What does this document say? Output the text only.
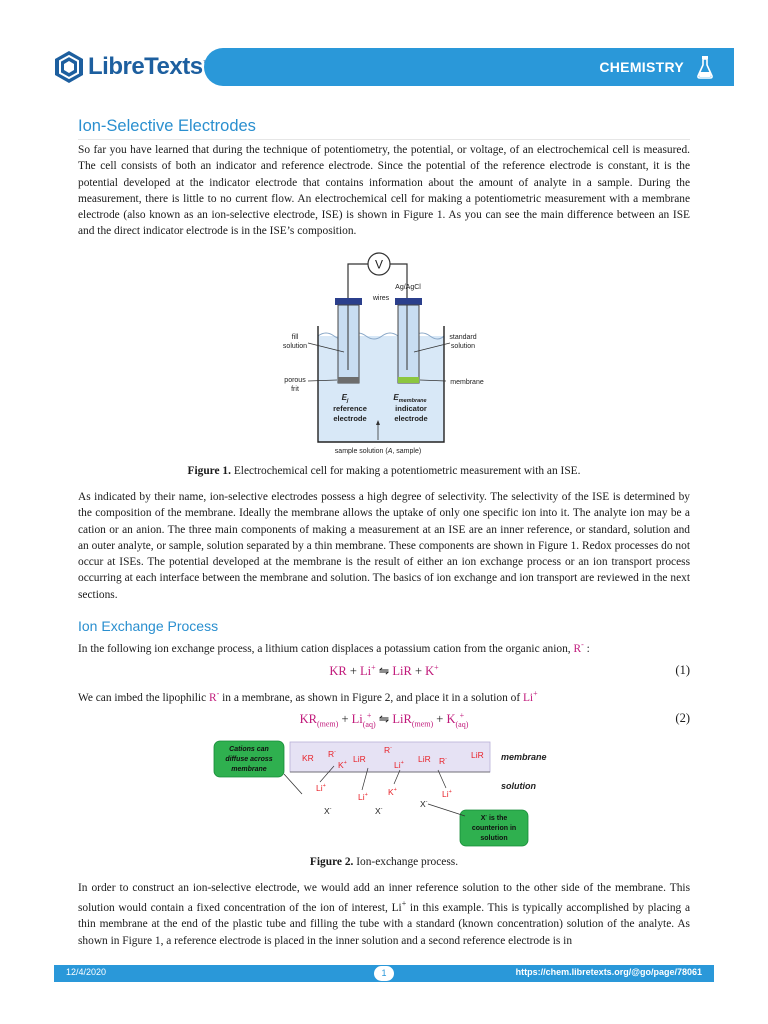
LibreTexts	CHEMISTRY
Ion-Selective Electrodes

So far you have learned that during the technique of potentiometry, the potential, or voltage, of an electrochemical cell is measured. The cell consists of both an indicator and reference electrode. Since the potential of the reference electrode is constant, it is the potential developed at the indicator electrode that contains information about the amount of analyte in a sample. During the measurement, there is little to no current flow. An electrochemical cell for making a potentiometric measurement with a membrane electrode (also known as an ion-selective electrode, ISE) is shown in Figure 1. As you can see the main difference between an ISE and the direct indicator electrode is in the ISE’s composition.

V
Ag/AgCl
wires
fill
solution
standard
solution
porous
frit
membrane
$E_j$
reference
electrode
$E_{membrane}$
indicator
electrode
sample solution (A, sample)
Figure 1. Electrochemical cell for making a potentiometric measurement with an ISE.

As indicated by their name, ion-selective electrodes possess a high degree of selectivity. The selectivity of the ISE is determined by the composition of the membrane. Ideally the membrane allows the uptake of only one specific ion into it. The analyte ion may be a cation or an anion. The three main components of making a measurement at an ISE are an inner reference, or standard, solution and an outer analyte, or sample, solution separated by a thin membrane. These components are shown in Figure 1. Redox processes do not occur at ISEs. The potential developed at the membrane is the result of either an ion exchange process or an ion transport process occurring at each interface between the membrane and solution. The basics of ion exchange and ion transport are reviewed in the next sections.

Ion Exchange Process

In the following ion exchange process, a lithium cation displaces a potassium cation from the organic anion, R- :

KR + Li+ ⇋ LiR + K+	(1)

We can imbed the lipophilic R- in a membrane, as shown in Figure 2, and place it in a solution of Li+

$KR_{(mem)} + Li$ +
(aq) ⇋ LiR$_{(mem)}$ + K +
(aq)	(2)
membrane
solution
Cations can
diffuse across
membrane
KR R-
K+ LiR
R-
Li+ LiR R-	LiR
Li+
Li+ K+	Li+
X-	X-	X-
X- is the
counterion in
solution
Figure 2. Ion-exchange process.

In order to construct an ion-selective electrode, we would add an inner reference solution to the other side of the membrane. This solution would contain a fixed concentration of the ion of interest, Li+ in this example. This is typically accomplished by placing a thin membrane at the end of the plastic tube and filling the tube with a standard (known concentration) solution of the analyte. As shown in Figure 1, a reference electrode is placed in the inner solution and a second reference electrode is in

12/4/2020	1	https://chem.libretexts.org/@go/page/78061
